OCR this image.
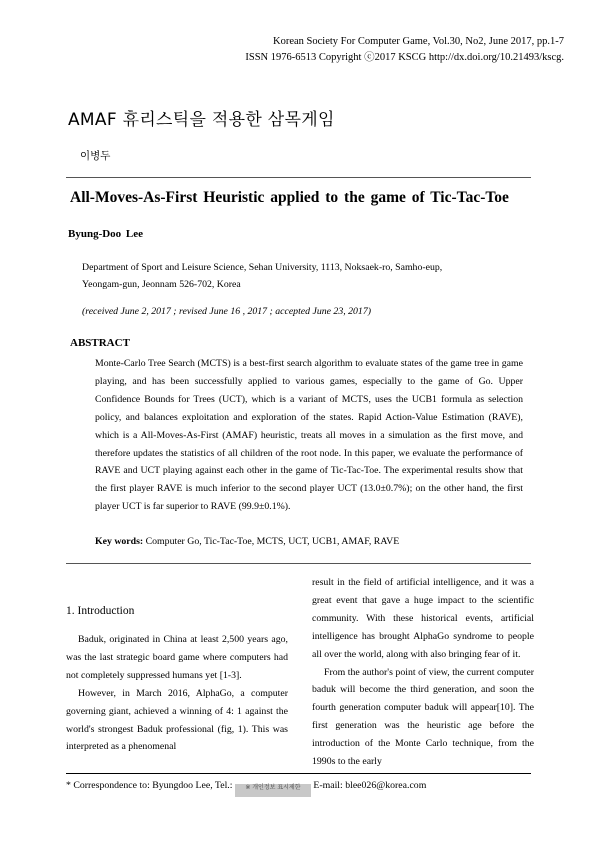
Korean Society For Computer Game, Vol.30, No2, June 2017, pp.1-7
ISSN 1976-6513 Copyright ⓒ2017 KSCG http://dx.doi.org/10.21493/kscg.
AMAF 휴리스틱을 적용한 삼목게임
이병두
All-Moves-As-First Heuristic applied to the game of Tic-Tac-Toe
Byung-Doo Lee
Department of Sport and Leisure Science, Sehan University, 1113, Noksaek-ro, Samho-eup,
Yeongam-gun, Jeonnam 526-702, Korea
(received June 2, 2017 ; revised June 16 , 2017 ; accepted June 23, 2017)
ABSTRACT
Monte-Carlo Tree Search (MCTS) is a best-first search algorithm to evaluate states of the game tree in game playing, and has been successfully applied to various games, especially to the game of Go. Upper Confidence Bounds for Trees (UCT), which is a variant of MCTS, uses the UCB1 formula as selection policy, and balances exploitation and exploration of the states. Rapid Action-Value Estimation (RAVE), which is a All-Moves-As-First (AMAF) heuristic, treats all moves in a simulation as the first move, and therefore updates the statistics of all children of the root node. In this paper, we evaluate the performance of RAVE and UCT playing against each other in the game of Tic-Tac-Toe. The experimental results show that the first player RAVE is much inferior to the second player UCT (13.0±0.7%); on the other hand, the first player UCT is far superior to RAVE (99.9±0.1%).
Key words: Computer Go, Tic-Tac-Toe, MCTS, UCT, UCB1, AMAF, RAVE
1. Introduction

Baduk, originated in China at least 2,500 years ago, was the last strategic board game where computers had not completely suppressed humans yet [1-3].

However, in March 2016, AlphaGo, a computer governing giant, achieved a winning of 4: 1 against the world's strongest Baduk professional (fig, 1). This was interpreted as a phenomenal

result in the field of artificial intelligence, and it was a great event that gave a huge impact to the scientific community. With these historical events, artificial intelligence has brought AlphaGo syndrome to people all over the world, along with also bringing fear of it.

From the author's point of view, the current computer baduk will become the third generation, and soon the fourth generation computer baduk will appear[10]. The first generation was the heuristic age before the introduction of the Monte Carlo technique, from the 1990s to the early

* Correspondence to: Byungdoo Lee, Tel.: ※ 개인정보 표시제한 E-mail: blee026@korea.com
